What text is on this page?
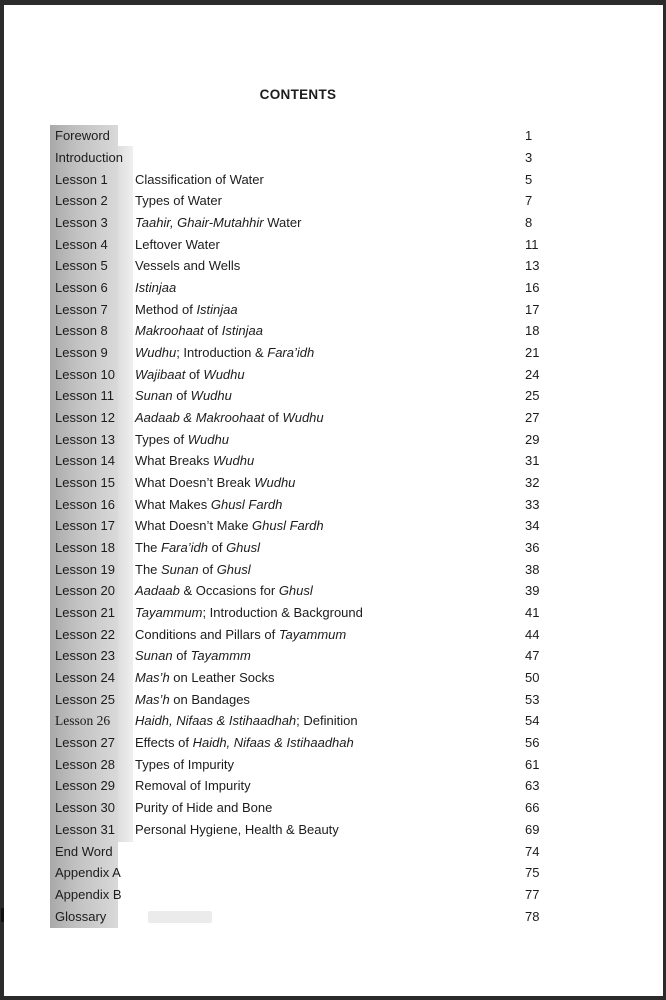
CONTENTS
Foreword	1
Introduction	3
Lesson 1	Classification of Water	5
Lesson 2	Types of Water	7
Lesson 3	Taahir, Ghair-Mutahhir Water	8
Lesson 4	Leftover Water	11
Lesson 5	Vessels and Wells	13
Lesson 6	Istinjaa	16
Lesson 7	Method of Istinjaa	17
Lesson 8	Makroohaat of Istinjaa	18
Lesson 9	Wudhu; Introduction & Fara’idh	21
Lesson 10	Wajibaat of Wudhu	24
Lesson 11	Sunan of Wudhu	25
Lesson 12	Aadaab & Makroohaat of Wudhu	27
Lesson 13	Types of Wudhu	29
Lesson 14	What Breaks Wudhu	31
Lesson 15	What Doesn’t Break Wudhu	32
Lesson 16	What Makes Ghusl Fardh	33
Lesson 17	What Doesn’t Make Ghusl Fardh	34
Lesson 18	The Fara’idh of Ghusl	36
Lesson 19	The Sunan of Ghusl	38
Lesson 20	Aadaab & Occasions for Ghusl	39
Lesson 21	Tayammum; Introduction & Background	41
Lesson 22	Conditions and Pillars of Tayammum	44
Lesson 23	Sunan of Tayammm	47
Lesson 24	Mas’h on Leather Socks	50
Lesson 25	Mas’h on Bandages	53
Lesson 26	Haidh, Nifaas & Istihaadhah; Definition	54
Lesson 27	Effects of Haidh, Nifaas & Istihaadhah	56
Lesson 28	Types of Impurity	61
Lesson 29	Removal of Impurity	63
Lesson 30	Purity of Hide and Bone	66
Lesson 31	Personal Hygiene, Health & Beauty	69
End Word	74
Appendix A	75
Appendix B	77
Glossary	78
